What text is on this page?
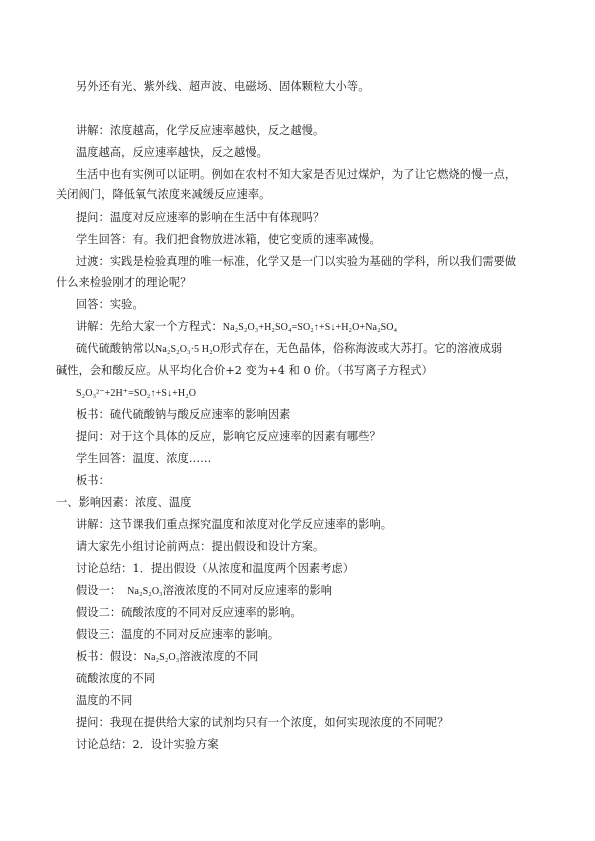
另外还有光、紫外线、超声波、电磁场、固体颗粒大小等。
讲解：浓度越高，化学反应速率越快，反之越慢。
温度越高，反应速率越快，反之越慢。
生活中也有实例可以证明。例如在农村不知大家是否见过煤炉，为了让它燃烧的慢一点，
关闭阀门，降低氧气浓度来减缓反应速率。
提问：温度对反应速率的影响在生活中有体现吗？
学生回答：有。我们把食物放进冰箱，使它变质的速率减慢。
过渡：实践是检验真理的唯一标准，化学又是一门以实验为基础的学科，所以我们需要做
什么来检验刚才的理论呢？
回答：实验。
讲解：先给大家一个方程式：Na₂S₂O₃+H₂SO₄=SO₂↑+S↓+H₂O+Na₂SO₄
硫代硫酸钠常以Na₂S₂O₃·5 H₂O形式存在，无色晶体，俗称海波或大苏打。它的溶液成弱
碱性，会和酸反应。从平均化合价+2 变为+4 和 0 价。（书写离子方程式）
S₂O₃²⁻+2H⁺=SO₂↑+S↓+H₂O
板书：硫代硫酸钠与酸反应速率的影响因素
提问：对于这个具体的反应，影响它反应速率的因素有哪些？
学生回答：温度、浓度……
板书：
一、影响因素：浓度、温度
讲解：这节课我们重点探究温度和浓度对化学反应速率的影响。
请大家先小组讨论前两点：提出假设和设计方案。
讨论总结：1．提出假设（从浓度和温度两个因素考虑）
假设一： Na₂S₂O₃溶液浓度的不同对反应速率的影响
假设二：硫酸浓度的不同对反应速率的影响。
假设三：温度的不同对反应速率的影响。
板书：假设：Na₂S₂O₃溶液浓度的不同
硫酸浓度的不同
温度的不同
提问：我现在提供给大家的试剂均只有一个浓度，如何实现浓度的不同呢？
讨论总结：2．设计实验方案
